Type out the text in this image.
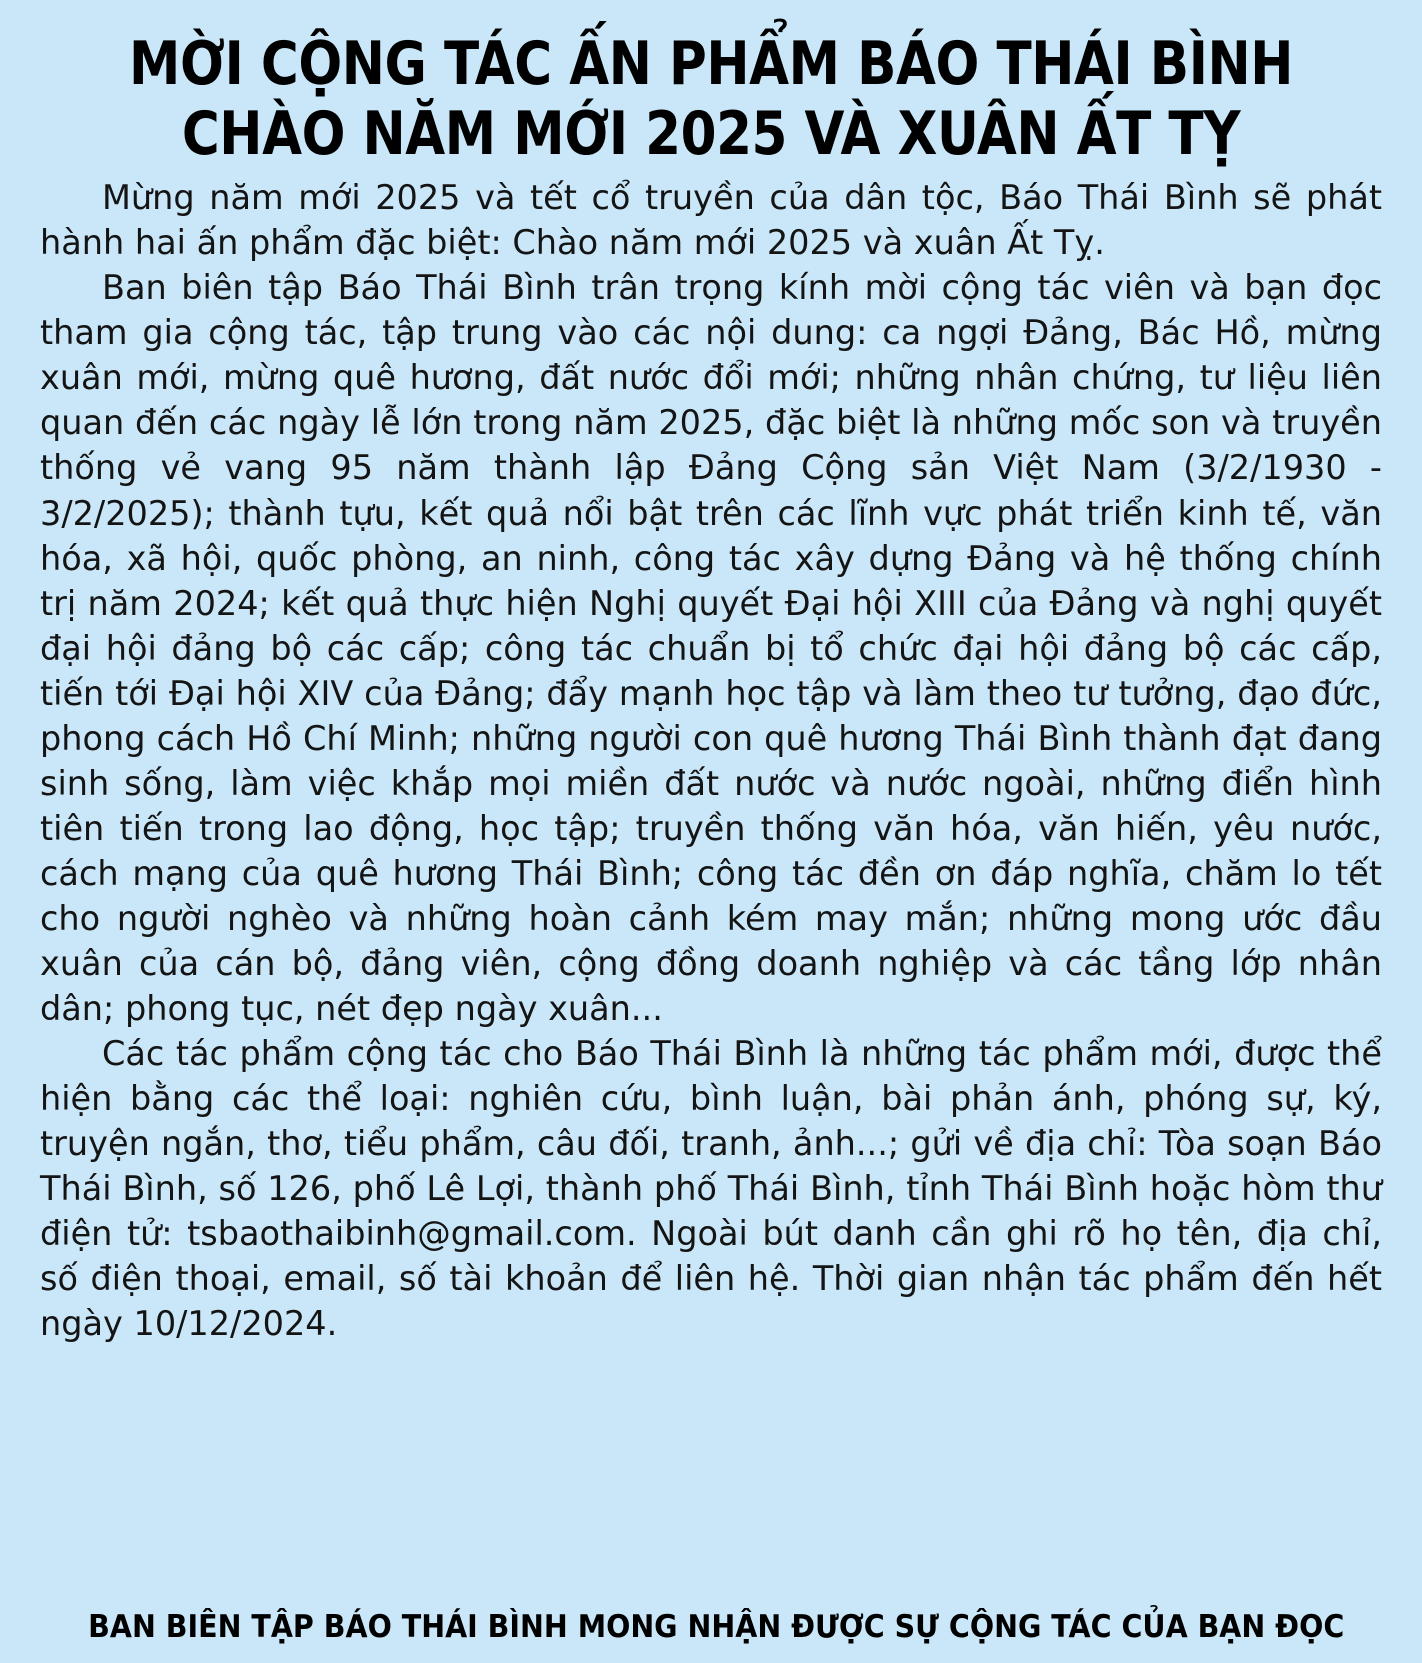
MỜI CỘNG TÁC ẤN PHẨM BÁO THÁI BÌNH
CHÀO NĂM MỚI 2025 VÀ XUÂN ẤT TỴ

Mừng năm mới 2025 và tết cổ truyền của dân tộc, Báo Thái Bình sẽ phát hành hai ấn phẩm đặc biệt: Chào năm mới 2025 và xuân Ất Tỵ.

Ban biên tập Báo Thái Bình trân trọng kính mời cộng tác viên và bạn đọc tham gia cộng tác, tập trung vào các nội dung: ca ngợi Đảng, Bác Hồ, mừng xuân mới, mừng quê hương, đất nước đổi mới; những nhân chứng, tư liệu liên quan đến các ngày lễ lớn trong năm 2025, đặc biệt là những mốc son và truyền thống vẻ vang 95 năm thành lập Đảng Cộng sản Việt Nam (3/2/1930 - 3/2/2025); thành tựu, kết quả nổi bật trên các lĩnh vực phát triển kinh tế, văn hóa, xã hội, quốc phòng, an ninh, công tác xây dựng Đảng và hệ thống chính trị năm 2024; kết quả thực hiện Nghị quyết Đại hội XIII của Đảng và nghị quyết đại hội đảng bộ các cấp; công tác chuẩn bị tổ chức đại hội đảng bộ các cấp, tiến tới Đại hội XIV của Đảng; đẩy mạnh học tập và làm theo tư tưởng, đạo đức, phong cách Hồ Chí Minh; những người con quê hương Thái Bình thành đạt đang sinh sống, làm việc khắp mọi miền đất nước và nước ngoài, những điển hình tiên tiến trong lao động, học tập; truyền thống văn hóa, văn hiến, yêu nước, cách mạng của quê hương Thái Bình; công tác đền ơn đáp nghĩa, chăm lo tết cho người nghèo và những hoàn cảnh kém may mắn; những mong ước đầu xuân của cán bộ, đảng viên, cộng đồng doanh nghiệp và các tầng lớp nhân dân; phong tục, nét đẹp ngày xuân...

Các tác phẩm cộng tác cho Báo Thái Bình là những tác phẩm mới, được thể hiện bằng các thể loại: nghiên cứu, bình luận, bài phản ánh, phóng sự, ký, truyện ngắn, thơ, tiểu phẩm, câu đối, tranh, ảnh...; gửi về địa chỉ: Tòa soạn Báo Thái Bình, số 126, phố Lê Lợi, thành phố Thái Bình, tỉnh Thái Bình hoặc hòm thư điện tử: tsbaothaibinh@gmail.com. Ngoài bút danh cần ghi rõ họ tên, địa chỉ, số điện thoại, email, số tài khoản để liên hệ. Thời gian nhận tác phẩm đến hết ngày 10/12/2024.

BAN BIÊN TẬP BÁO THÁI BÌNH MONG NHẬN ĐƯỢC SỰ CỘNG TÁC CỦA BẠN ĐỌC
